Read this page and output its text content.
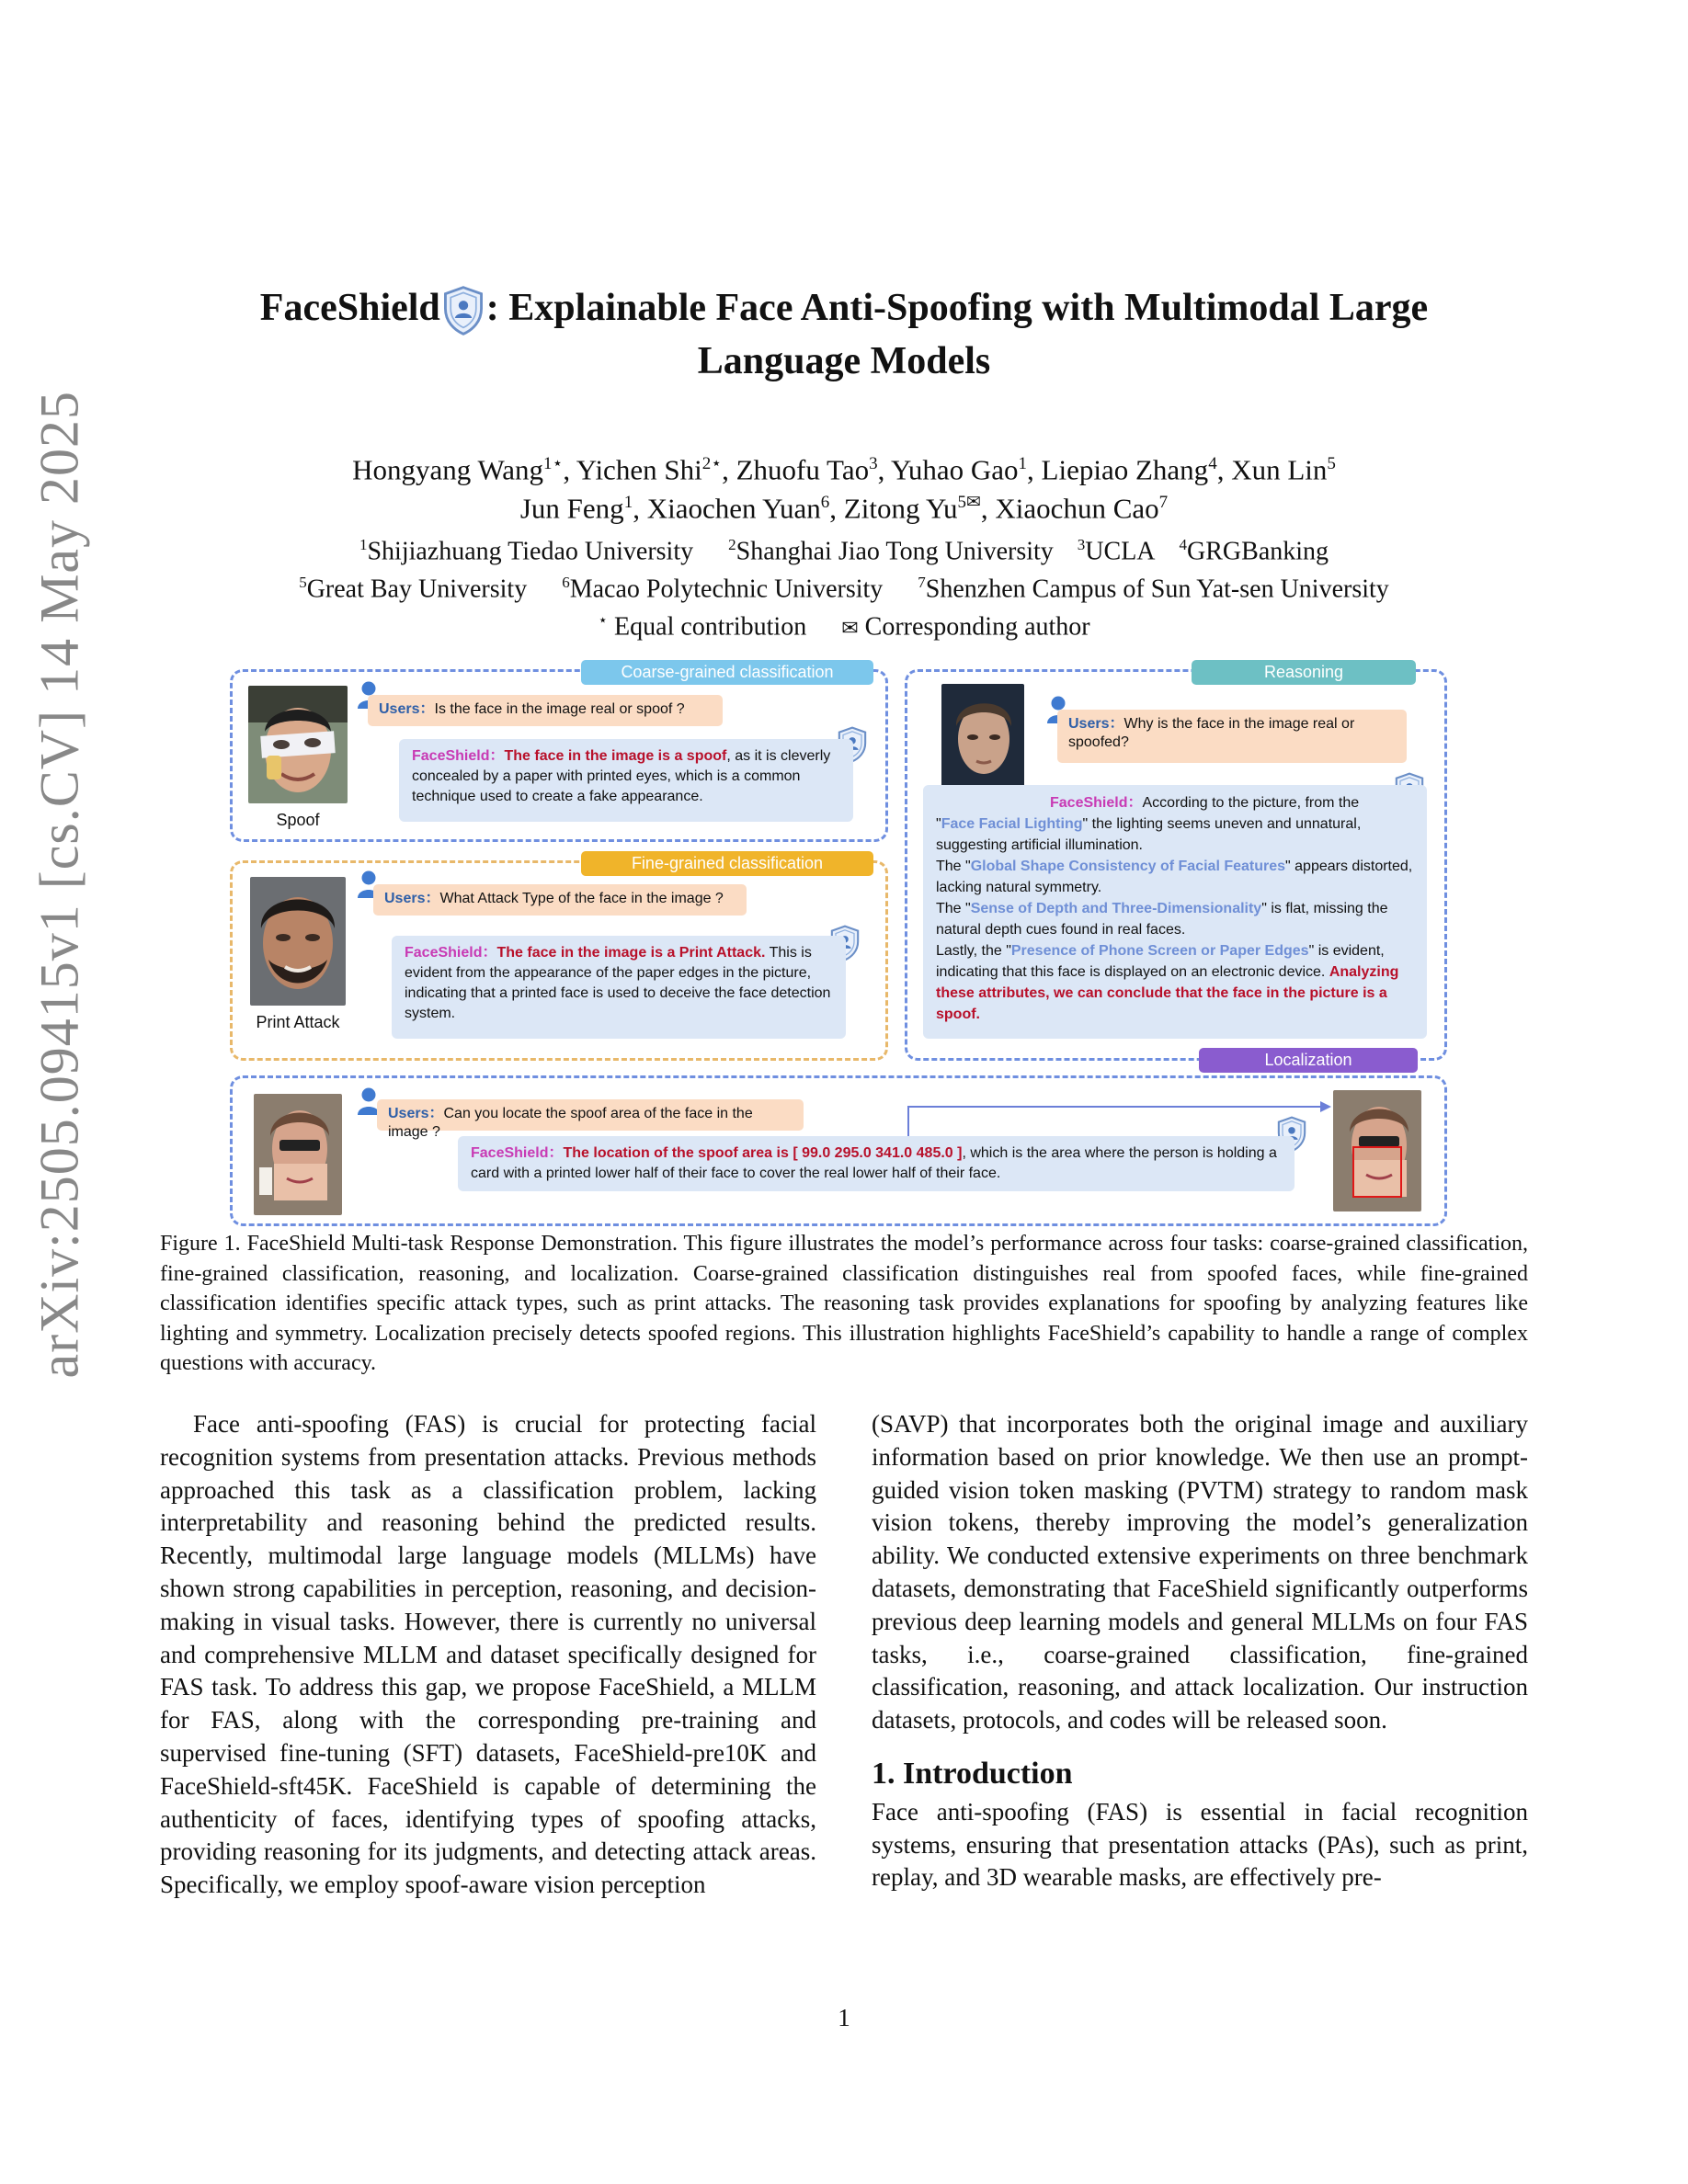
arXiv:2505.09415v1 [cs.CV] 14 May 2025
FaceShield : Explainable Face Anti-Spoofing with Multimodal Large
Language Models
Hongyang Wang$^{1⋆}$, Yichen Shi$^{2⋆}$, Zhuofu Tao$^3$, Yuhao Gao$^1$, Liepiao Zhang$^4$, Xun Lin$^5$
Jun Feng$^1$, Xiaochen Yuan$^6$, Zitong $Yu^{5✉}$, Xiaochun Cao$^7$
$^1$Shijiazhuang Tiedao University $^2$Shanghai Jiao Tong University $^3$UCLA $^4$GRGBanking
$^5$Great Bay University $^6$Macao Polytechnic University $^7$Shenzhen Campus of Sun Yat-sen University
⋆ Equal contribution ✉ Corresponding author
Coarse-grained classification
Spoof
Users：Is the face in the image real or spoof ?
FaceShield：The face in the image is a spoof, as it is cleverly concealed by a paper with printed eyes, which is a common technique used to create a fake appearance.
Fine-grained classification
Print Attack
Users：What Attack Type of the face in the image ?
FaceShield：The face in the image is a Print Attack. This is evident from the appearance of the paper edges in the picture, indicating that a printed face is used to deceive the face detection system.
Reasoning
Users：Why is the face in the image real or spoofed?
FaceShield：According to the picture, from the
"Face Facial Lighting" the lighting seems uneven and unnatural, suggesting artificial illumination.
The "Global Shape Consistency of Facial Features" appears distorted, lacking natural symmetry.
The "Sense of Depth and Three-Dimensionality" is flat, missing the natural depth cues found in real faces.
Lastly, the "Presence of Phone Screen or Paper Edges" is evident, indicating that this face is displayed on an electronic device. Analyzing these attributes, we can conclude that the face in the picture is a spoof.
Localization
Users：Can you locate the spoof area of the face in the image ?
FaceShield：The location of the spoof area is [ 99.0 295.0 341.0 485.0 ], which is the area where the person is holding a card with a printed lower half of their face to cover the real lower half of their face.
Figure 1. FaceShield Multi-task Response Demonstration. This figure illustrates the model’s performance across four tasks: coarse-grained classification, fine-grained classification, reasoning, and localization. Coarse-grained classification distinguishes real from spoofed faces, while fine-grained classification identifies specific attack types, such as print attacks. The reasoning task provides explanations for spoofing by analyzing features like lighting and symmetry. Localization precisely detects spoofed regions. This illustration highlights FaceShield’s capability to handle a range of complex questions with accuracy.

Face anti-spoofing (FAS) is crucial for protecting facial recognition systems from presentation attacks. Previous methods approached this task as a classification problem, lacking interpretability and reasoning behind the predicted results. Recently, multimodal large language models (MLLMs) have shown strong capabilities in perception, reasoning, and decision-making in visual tasks. However, there is currently no universal and comprehensive MLLM and dataset specifically designed for FAS task. To address this gap, we propose FaceShield, a MLLM for FAS, along with the corresponding pre-training and supervised fine-tuning (SFT) datasets, FaceShield-pre10K and FaceShield-sft45K. FaceShield is capable of determining the authenticity of faces, identifying types of spoofing attacks, providing reasoning for its judgments, and detecting attack areas. Specifically, we employ spoof-aware vision perception

(SAVP) that incorporates both the original image and auxiliary information based on prior knowledge. We then use an prompt-guided vision token masking (PVTM) strategy to random mask vision tokens, thereby improving the model’s generalization ability. We conducted extensive experiments on three benchmark datasets, demonstrating that FaceShield significantly outperforms previous deep learning models and general MLLMs on four FAS tasks, i.e., coarse-grained classification, fine-grained classification, reasoning, and attack localization. Our instruction datasets, protocols, and codes will be released soon.

1. Introduction

Face anti-spoofing (FAS) is essential in facial recognition systems, ensuring that presentation attacks (PAs), such as print, replay, and 3D wearable masks, are effectively pre-

1
